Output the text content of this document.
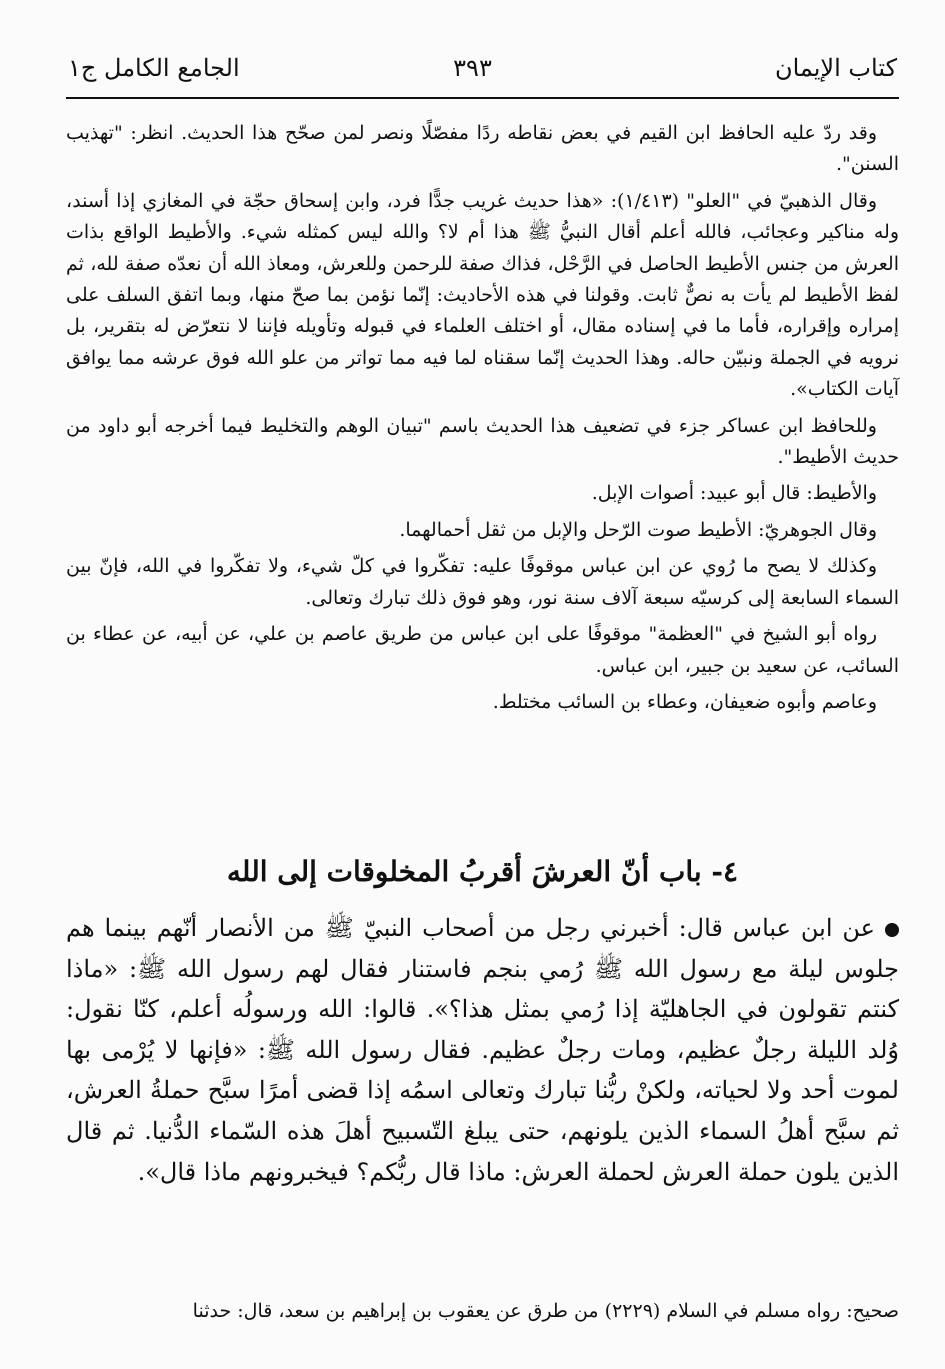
كتاب الإيمان
٣٩٣
الجامع الكامل ج١

وقد ردّ عليه الحافظ ابن القيم في بعض نقاطه ردًا مفصّلًا ونصر لمن صحّح هذا الحديث. انظر: "تهذيب السنن".

وقال الذهبيّ في "العلو" (١/٤١٣): «هذا حديث غريب جدًّا فرد، وابن إسحاق حجّة في المغازي إذا أسند، وله مناكير وعجائب، فالله أعلم أقال النبيُّ ﷺ هذا أم لا؟ والله ليس كمثله شيء. والأطيط الواقع بذات العرش من جنس الأطيط الحاصل في الرَّحْل، فذاك صفة للرحمن وللعرش، ومعاذ الله أن نعدّه صفة لله، ثم لفظ الأطيط لم يأت به نصٌّ ثابت. وقولنا في هذه الأحاديث: إنّما نؤمن بما صحّ منها، وبما اتفق السلف على إمراره وإقراره، فأما ما في إسناده مقال، أو اختلف العلماء في قبوله وتأويله فإننا لا نتعرّض له بتقرير، بل نرويه في الجملة ونبيّن حاله. وهذا الحديث إنّما سقناه لما فيه مما تواتر من علو الله فوق عرشه مما يوافق آيات الكتاب».

وللحافظ ابن عساكر جزء في تضعيف هذا الحديث باسم "تبيان الوهم والتخليط فيما أخرجه أبو داود من حديث الأطيط".

والأطيط: قال أبو عبيد: أصوات الإبل.

وقال الجوهريّ: الأطيط صوت الرّحل والإبل من ثقل أحمالهما.

وكذلك لا يصح ما رُوي عن ابن عباس موقوفًا عليه: تفكّروا في كلّ شيء، ولا تفكّروا في الله، فإنّ بين السماء السابعة إلى كرسيّه سبعة آلاف سنة نور، وهو فوق ذلك تبارك وتعالى.

رواه أبو الشيخ في "العظمة" موقوفًا على ابن عباس من طريق عاصم بن علي، عن أبيه، عن عطاء بن السائب، عن سعيد بن جبير، ابن عباس.

وعاصم وأبوه ضعيفان، وعطاء بن السائب مختلط.

٤- باب أنّ العرشَ أقربُ المخلوقات إلى الله

عن ابن عباس قال: أخبرني رجل من أصحاب النبيّ ﷺ من الأنصار أنّهم بينما هم جلوس ليلة مع رسول الله ﷺ رُمي بنجم فاستنار فقال لهم رسول الله ﷺ: «ماذا كنتم تقولون في الجاهليّة إذا رُمي بمثل هذا؟». قالوا: الله ورسولُه أعلم، كنّا نقول: وُلد الليلة رجلٌ عظيم، ومات رجلٌ عظيم. فقال رسول الله ﷺ: «فإنها لا يُرْمى بها لموت أحد ولا لحياته، ولكنْ ربُّنا تبارك وتعالى اسمُه إذا قضى أمرًا سبَّح حملةُ العرش، ثم سبَّح أهلُ السماء الذين يلونهم، حتى يبلغ التّسبيح أهلَ هذه السّماء الدُّنيا. ثم قال الذين يلون حملة العرش لحملة العرش: ماذا قال ربُّكم؟ فيخبرونهم ماذا قال».

صحيح: رواه مسلم في السلام (٢٢٢٩) من طرق عن يعقوب بن إبراهيم بن سعد، قال: حدثنا
